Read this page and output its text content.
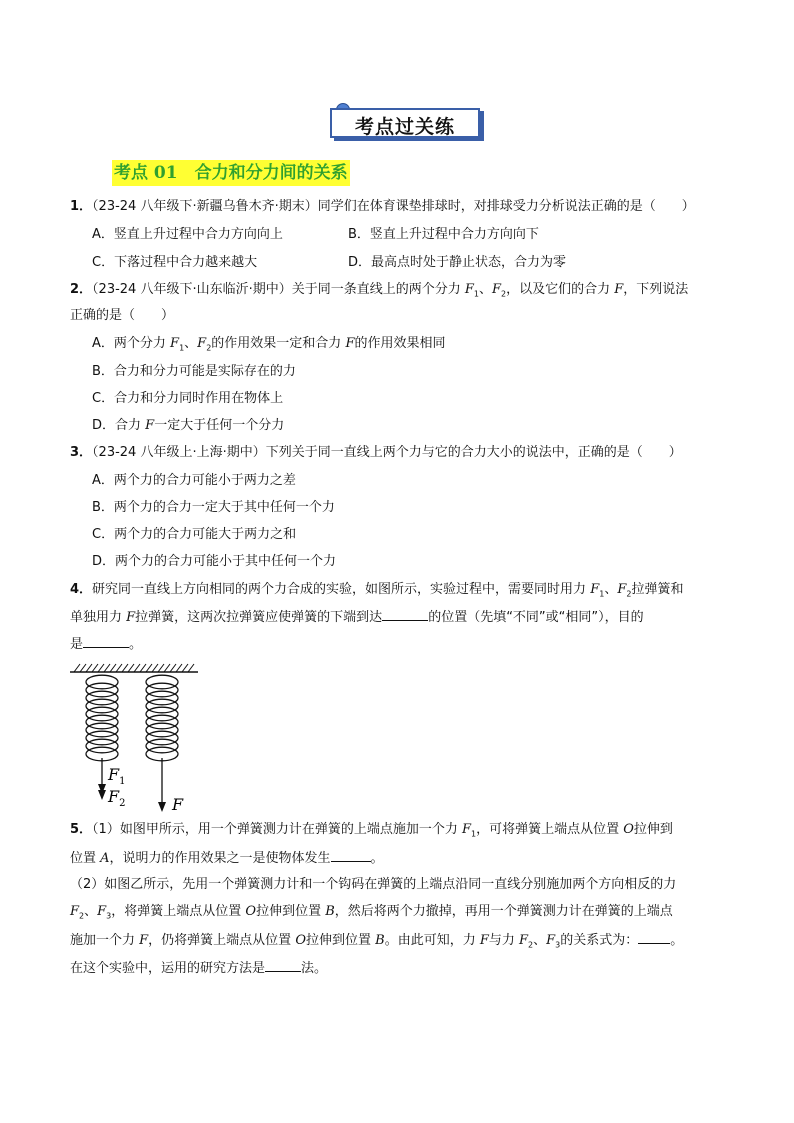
考点过关练
考点 01　合力和分力间的关系
1．（23-24 八年级下·新疆乌鲁木齐·期末）同学们在体育课垫排球时，对排球受力分析说法正确的是（　　）
A．竖直上升过程中合力方向向上	B．竖直上升过程中合力方向向下
C．下落过程中合力越来越大	D．最高点时处于静止状态，合力为零
2．（23-24 八年级下·山东临沂·期中）关于同一条直线上的两个分力 $F_1$、$F_2$，以及它们的合力 F，下列说法
正确的是（　　）
A．两个分力 $F_1$、$F_2$的作用效果一定和合力 F的作用效果相同
B．合力和分力可能是实际存在的力
C．合力和分力同时作用在物体上
D．合力 F一定大于任何一个分力
3．（23-24 八年级上·上海·期中）下列关于同一直线上两个力与它的合力大小的说法中，正确的是（　　）
A．两个力的合力可能小于两力之差
B．两个力的合力一定大于其中任何一个力
C．两个力的合力可能大于两力之和
D．两个力的合力可能小于其中任何一个力
4．研究同一直线上方向相同的两个力合成的实验，如图所示，实验过程中，需要同时用力 $F_1$、$F_2$拉弹簧和
单独用力 F拉弹簧，这两次拉弹簧应使弹簧的下端到达	的位置（先填“不同”或“相同”），目的
是	。
$F_1$
$F_2$	F
5．（1）如图甲所示，用一个弹簧测力计在弹簧的上端点施加一个力 $F_1$，可将弹簧上端点从位置 O拉伸到
位置 A，说明力的作用效果之一是使物体发生	。
（2）如图乙所示，先用一个弹簧测力计和一个钩码在弹簧的上端点沿同一直线分别施加两个方向相反的力
$F_2$、$F_3$，将弹簧上端点从位置 O拉伸到位置 B，然后将两个力撤掉，再用一个弹簧测力计在弹簧的上端点
施加一个力 F，仍将弹簧上端点从位置 O拉伸到位置 B。由此可知，力 F与力 $F_2$、$F_3$的关系式为： 。
在这个实验中，运用的研究方法是	法。
